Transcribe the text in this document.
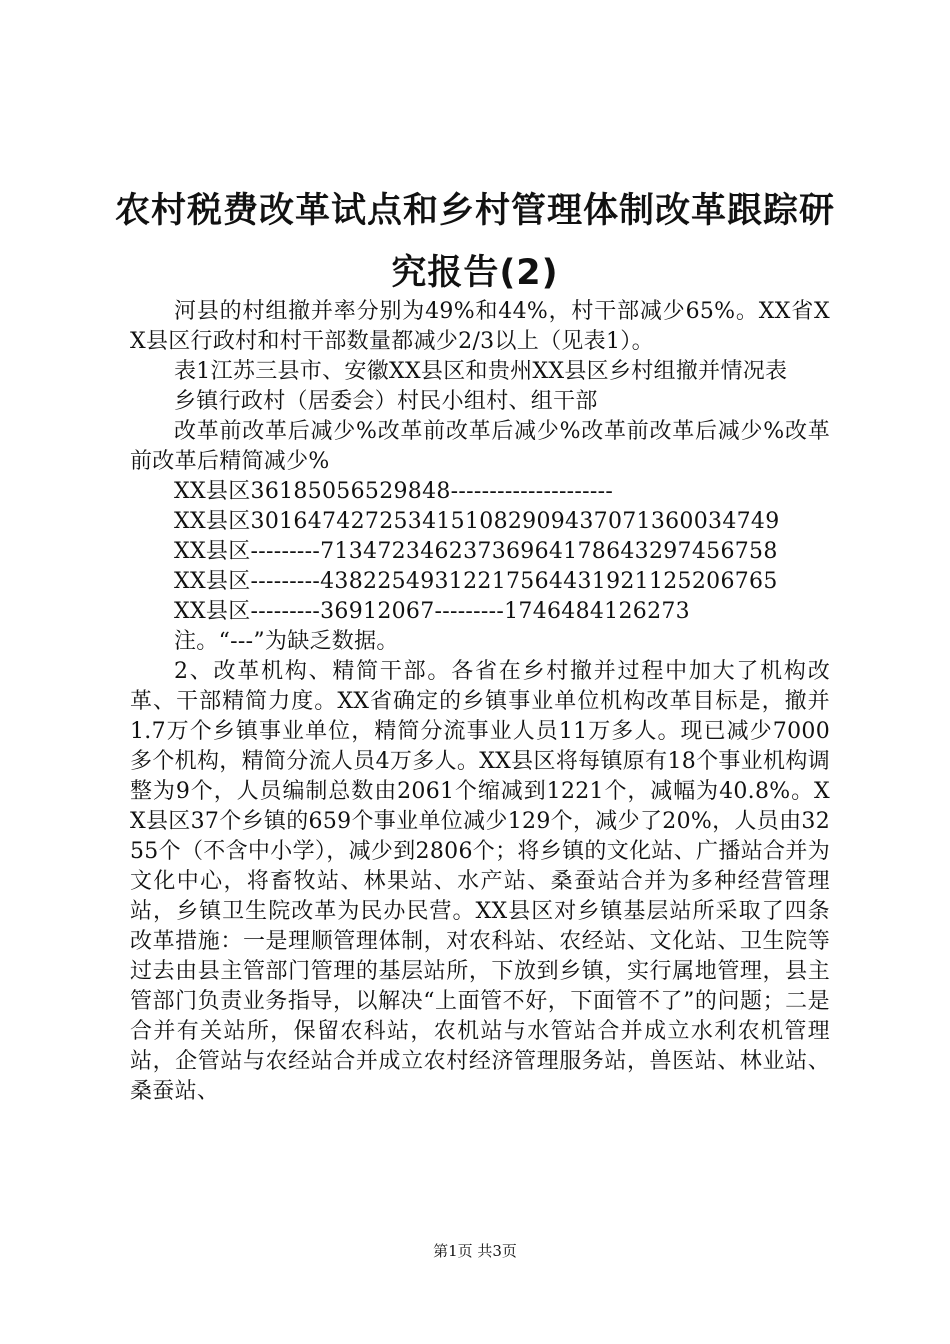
农村税费改革试点和乡村管理体制改革跟踪研
究报告(2)

河县的村组撤并率分别为49%和44%，村干部减少65%。XX省XX县区行政村和村干部数量都减少2/3以上（见表1）。

表1江苏三县市、安徽XX县区和贵州XX县区乡村组撤并情况表

乡镇行政村（居委会）村民小组村、组干部

改革前改革后减少%改革前改革后减少%改革前改革后减少%改革前改革后精简减少%

XX县区36185056529848---------------------

XX县区3016474272534151082909437071360034749

XX县区---------71347234623736964178643297456758

XX县区---------43822549312217564431921125206765

XX县区---------36912067---------1746484126273

注。“---”为缺乏数据。

2、改革机构、精简干部。各省在乡村撤并过程中加大了机构改革、干部精简力度。XX省确定的乡镇事业单位机构改革目标是，撤并1.7万个乡镇事业单位，精简分流事业人员11万多人。现已减少7000多个机构，精简分流人员4万多人。XX县区将每镇原有18个事业机构调整为9个，人员编制总数由2061个缩减到1221个，减幅为40.8%。XX县区37个乡镇的659个事业单位减少129个，减少了20%，人员由3255个（不含中小学），减少到2806个；将乡镇的文化站、广播站合并为文化中心，将畜牧站、林果站、水产站、桑蚕站合并为多种经营管理站，乡镇卫生院改革为民办民营。XX县区对乡镇基层站所采取了四条改革措施：一是理顺管理体制，对农科站、农经站、文化站、卫生院等过去由县主管部门管理的基层站所，下放到乡镇，实行属地管理，县主管部门负责业务指导，以解决“上面管不好，下面管不了”的问题；二是合并有关站所，保留农科站，农机站与水管站合并成立水利农机管理站，企管站与农经站合并成立农村经济管理服务站，兽医站、林业站、桑蚕站、

第1页 共3页
